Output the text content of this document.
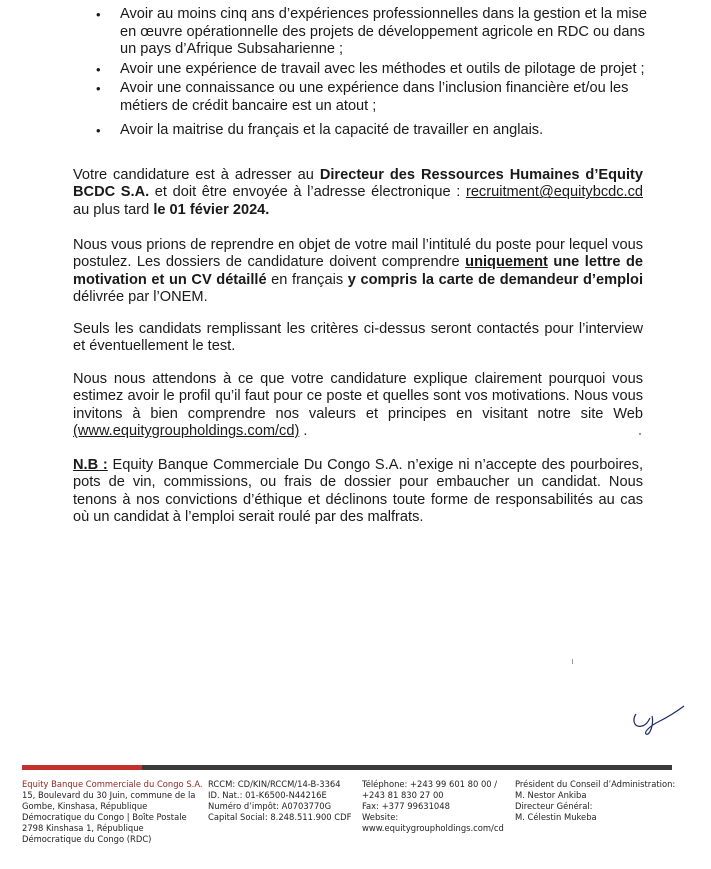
• Avoir au moins cinq ans d’expériences professionnelles dans la gestion et la mise en œuvre opérationnelle des projets de développement agricole en RDC ou dans un pays d’Afrique Subsaharienne ;
• Avoir une expérience de travail avec les méthodes et outils de pilotage de projet ;
• Avoir une connaissance ou une expérience dans l’inclusion financière et/ou les métiers de crédit bancaire est un atout ;
• Avoir la maitrise du français et la capacité de travailler en anglais.

Votre candidature est à adresser au Directeur des Ressources Humaines d’Equity BCDC S.A. et doit être envoyée à l’adresse électronique : recruitment@equitybcdc.cd au plus tard le 01 févier 2024.

Nous vous prions de reprendre en objet de votre mail l’intitulé du poste pour lequel vous postulez. Les dossiers de candidature doivent comprendre uniquement une lettre de motivation et un CV détaillé en français y compris la carte de demandeur d’emploi délivrée par l’ONEM.

Seuls les candidats remplissant les critères ci-dessus seront contactés pour l’interview et éventuellement le test.

Nous nous attendons à ce que votre candidature explique clairement pourquoi vous estimez avoir le profil qu’il faut pour ce poste et quelles sont vos motivations. Nous vous invitons à bien comprendre nos valeurs et principes en visitant notre site Web (www.equitygroupholdings.com/cd) .

N.B : Equity Banque Commerciale Du Congo S.A. n’exige ni n’accepte des pourboires, pots de vin, commissions, ou frais de dossier pour embaucher un candidat. Nous tenons à nos convictions d’éthique et déclinons toute forme de responsabilités au cas où un candidat à l’emploi serait roulé par des malfrats.

Equity Banque Commerciale du Congo S.A.
15, Boulevard du 30 Juin, commune de la
Gombe, Kinshasa, République
Démocratique du Congo | Boîte Postale
2798 Kinshasa 1, République
Démocratique du Congo (RDC)
RCCM: CD/KIN/RCCM/14-B-3364
ID. Nat.: 01-K6500-N44216E
Numéro d’impôt: A0703770G
Capital Social: 8.248.511.900 CDF
Téléphone: +243 99 601 80 00 /
+243 81 830 27 00
Fax: +377 99631048
Website:
www.equitygroupholdings.com/cd
Président du Conseil d’Administration:
M. Nestor Ankiba
Directeur Général:
M. Célestin Mukeba
